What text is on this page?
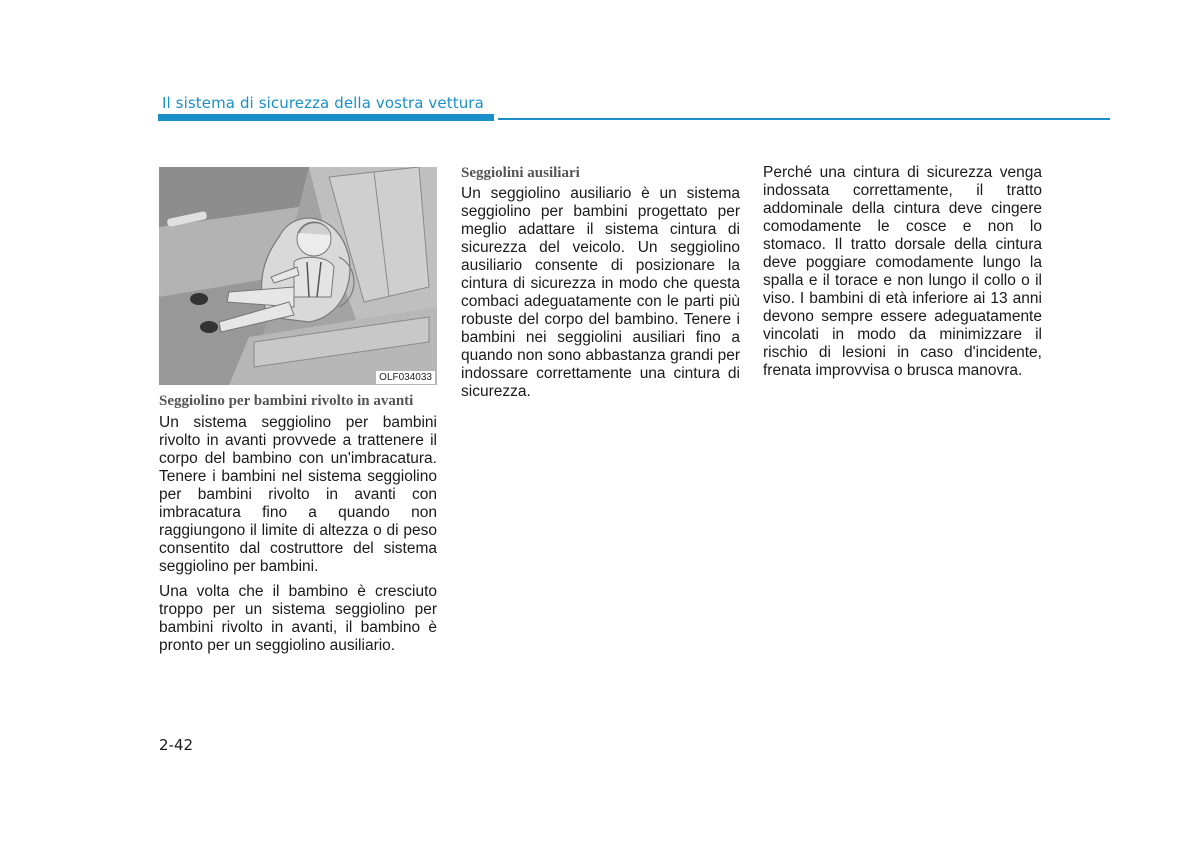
Il sistema di sicurezza della vostra vettura
OLF034033
Seggiolino per bambini rivolto in avanti

Un sistema seggiolino per bambini rivolto in avanti provvede a trattenere il corpo del bambino con un'imbracatura. Tenere i bambini nel sistema seggiolino per bambini rivolto in avanti con imbracatura fino a quando non raggiungono il limite di altezza o di peso consentito dal costruttore del sistema seggiolino per bambini.

Una volta che il bambino è cresciuto troppo per un sistema seggiolino per bambini rivolto in avanti, il bambino è pronto per un seggiolino ausiliario.

Seggiolini ausiliari

Un seggiolino ausiliario è un sistema seggiolino per bambini progettato per meglio adattare il sistema cintura di sicurezza del veicolo. Un seggiolino ausiliario consente di posizionare la cintura di sicurezza in modo che questa combaci adeguatamente con le parti più robuste del corpo del bambino. Tenere i bambini nei seggiolini ausiliari fino a quando non sono abbastanza grandi per indossare correttamente una cintura di sicurezza.

Perché una cintura di sicurezza venga indossata correttamente, il tratto addominale della cintura deve cingere comodamente le cosce e non lo stomaco. Il tratto dorsale della cintura deve poggiare comodamente lungo la spalla e il torace e non lungo il collo o il viso. I bambini di età inferiore ai 13 anni devono sempre essere adeguatamente vincolati in modo da minimizzare il rischio di lesioni in caso d'incidente, frenata improvvisa o brusca manovra.

2-42
